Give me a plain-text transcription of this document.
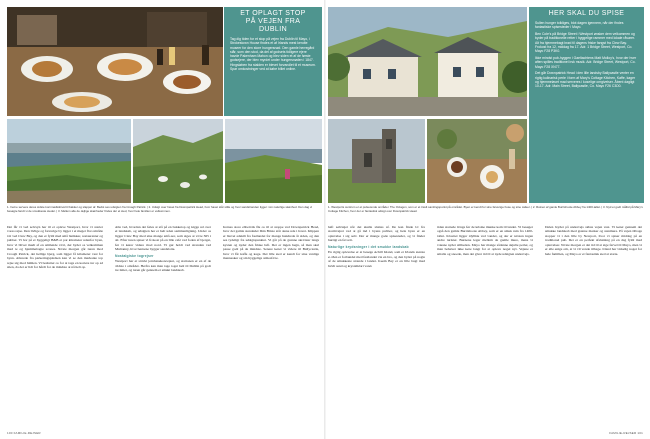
ET OPLAGT STOP
PÅ VEJEN FRA
DUBLIN

Tag dig tiden for et stop på vejen fra Dublin til Mayo, i Strokestown House findes et af Irlands mest kendte museer for den store hungersnød. Den gamle herregård står, som den stod, da del af godsets tidligere ejere havde Pakenham Mahon og blev siden et af de første godsejere, der blev myrdet under hungersnøden i 1847. Hingsløben fra stalden er blevet forvandlet til et museum. Spar omkostninger ved at købe billet online.

1. Irerne servere deres sidste kornmælksbrød til bakker og slapper af. Bedst ses udsigten fra Croagh Patrick. | 2. Udsigt over havet fra Downpatrick Head, hvor havet står stille og hvor sandstranden ligger i sin naturlige skønhed. Den dag vi besøgte fandt vi de smukkeste steder. | 3. Mellem alle de dejlige skønheder findes der et sted, hvor hele familien er velkommen.

Det får vi ved selvsyn her til et opleve Westport, hvor vi starter vores rejse. Den livlige og farverige by ligger i et meget flot område tæt ved Clew Bay, og den er fyldt med små butikker, restauranter og pubber. Vi bor på et hyggeligt B&B et par kilometer udenfor byen, hvor vi bliver mødt af en smilende vært, der byder os velkommen med te og hjemmebagte scones. Næste morgen går turen mod Croagh Patrick, det hellige bjerg, som ligger få kilometer vest for byen. Allerede fra parkeringspladsen kan vi se den markante top rejse sig mod himlen. Vi beslutter os for at tage en kortere tur op ad stien, da det er lidt for hårdt for de mindste at nå helt op.

Alle ved, hvordan det føles at stå på en bakketop og kigge ud over et landskab, og udsigten her er helt uden sammenligning. Under os ligger Clew Bay med sine mange små øer, som siges at være 365 i alt. Efter turen spiser vi frokost på en lille café ved foden af bjerget, før vi kører videre mod nord. Vi gør holdt ved stranden ved Mulranny, hvor børnene bygger sandslotte.

Nostalgiske togrejser

Westport har et stærkt jernbanekonceptet, og stationen er en af de ældste i området. Herfra kan man tage toget helt til Dublin på godt tre timer, og turen går gennem et smukt landskab.

Irernes store ebbetræk fik os til at stoppe ved Downpatrick Head, hvor det gamle stendødet Dún Briste står alene ude i havet. Klippen er blevet adskilt fra fastlandet for mange hundrede år siden, og den ses tydeligt fra udsigtspunktet. Vi går på de grønne skrænter langs kysten og nyder den friske luft. Der er ingen hegn, så man skal passe godt på de mindste. Senere kører vi videre til Ballycastle, hvor vi får kaffe og kage. Det lille sted er kendt for sine venlige mennesker og sin hyggelige atmosfære.

100 FAMILIE-REJSER
HER SKAL DU SPISE

Sullen hunger tolkliges, blot dagen igennem, når der findes fantastiske spisesteder i Mayo.

Ben Cole's på Bridge Street i Westport ønsker dem velkommen og byder på traditionelle retter i hyggelige rammer med lokale råvarer. Alt fra hjemmebagt brød til dagens friske fangst fra Clew Bay. Frokost fra 12, middag fra 17. Adr. 1 Bridge Street, Westport, Co. Mayo F28 P3K0.

Ikke mindst pub-hyggen i Gaeltachtens Matt Molloy's, hvor der hver aften spilles traditionel irsk musik. Adr. Bridge Street, Westport, Co. Mayo F28 XN77.

Det går Downpatrick Head i den lille landsby Ballycastle venter en rigtig kulinarisk perle i form af Mary's Cottage Kitchen. Kaffe, kager og hjemmelavet mad serveres i koselige omgivelser. Åbent dagligt 10-17. Adr. Main Street, Ballycastle, Co. Mayo F26 C3D0.

1. Westports centrum er et pulserende område i The Octagon, som er et travlt samlingspunkt på området. Byen er kendt for sine farverige huse og sine cafeer. | 2. Ruinen af gamle Burrishoole Abbey fra 1400-tallet. | 3. Nyd et godt måltid på Mary's Cottage Kitchen, hvor der er fantastisk udsigt over Downpatrick Head.

haft sølvtøjet når det skulle sluttes af. De kan finde læ fra stormvejret ved at gå ind i byens pubber, og hele byen er en oplevelse i sig selv. Der er mange gode spisesteder, og vi finder hurtigt en favorit.

Naturlige krydsninger i det smukke landskab

En rigtig oplevelse er at besøge Achill Island, som er Irlands største ø. Øen er forbundet med fastlandet via en bro, og den byder på nogle af de smukkeste strande i landet. Keem Bay er en lille bugt med hvidt sand og krystalklart vand.

tiden startede længe før de kristne munke kom til landet. Vi besøger også den gamle Burrishoole Abbey, som er en smuk ruin fra 1400-tallet. Klostret ligger idyllisk ved vandet, og der er næsten ingen andre turister. Børnene leger mellem de gamle mure, mens vi voksne nyder stilheden. Mayo har mange sådanne skjulte perler, og man behøver ikke køre langt for at opleve noget nyt. Vejene er smalle og snoede, men det giver tid til at nyde udsigten undervejs.

Dalen bryder på undervejs sidste vejen vest. Vi kører gennem det smukke landskab med grønne marker og stenmure. På vejen tilbage stopper vi i den lille by Newport, hvor vi spiser middag på en traditionel pub. Det er en perfekt afslutning på en dag fyldt med oplevelser. Næste morgen er det tid til at sige farvel til Mayo, men vi er alle enige om, at vi vil vende tilbage. Irland har virkelig noget for hele familien, og Mayo er et fantastisk sted at starte.

FAMILIE-REJSER 101
